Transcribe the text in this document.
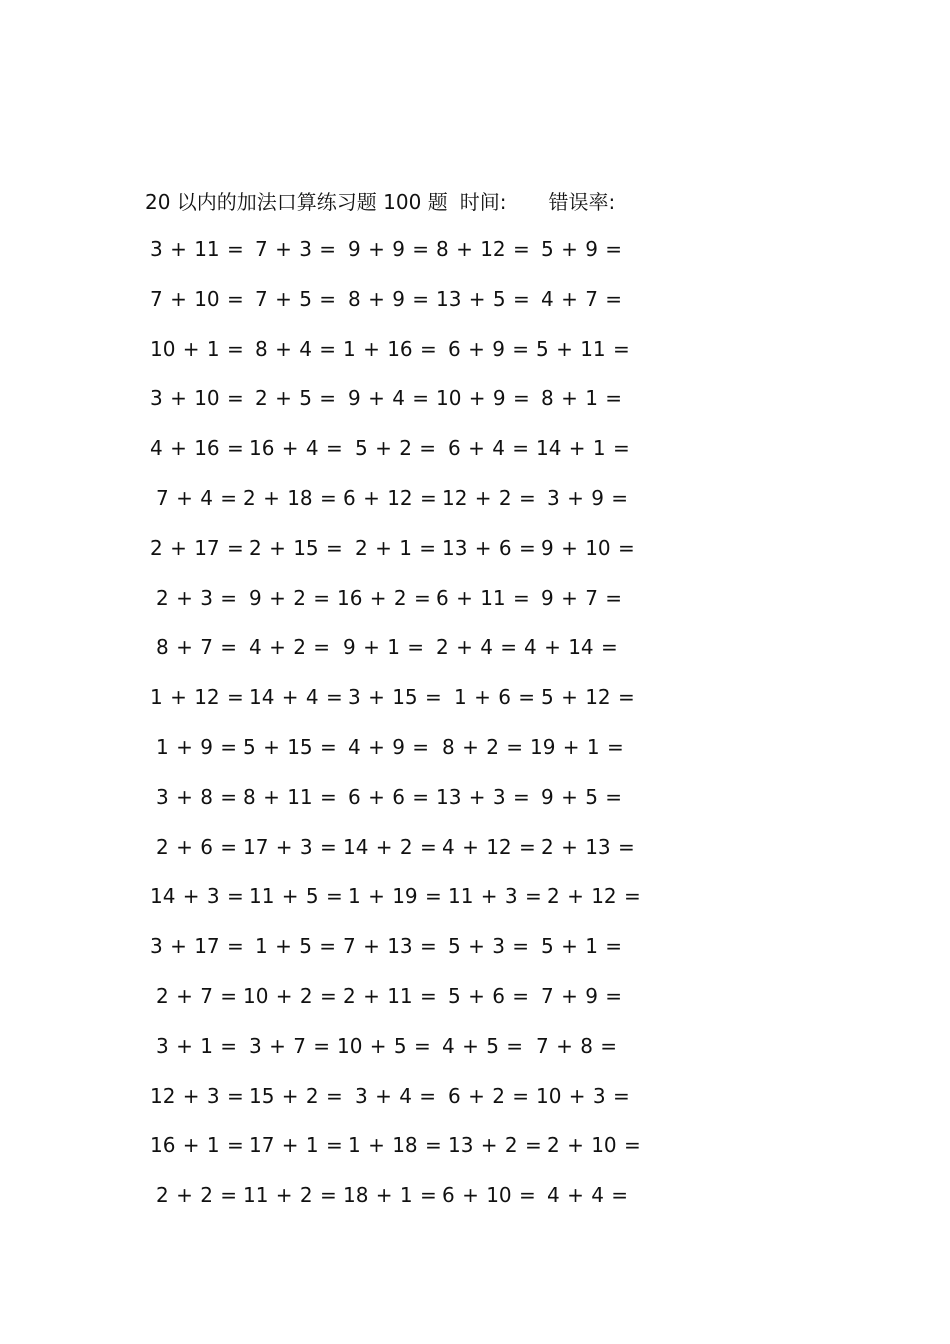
20 以内的加法口算练习题 100 题 时间: 错误率:
3 + 11 = 7 + 3 = 9 + 9 = 8 + 12 = 5 + 9 =
7 + 10 = 7 + 5 = 8 + 9 = 13 + 5 = 4 + 7 =
10 + 1 = 8 + 4 = 1 + 16 = 6 + 9 = 5 + 11 =
3 + 10 = 2 + 5 = 9 + 4 = 10 + 9 = 8 + 1 =
4 + 16 = 16 + 4 = 5 + 2 = 6 + 4 = 14 + 1 =
7 + 4 = 2 + 18 = 6 + 12 = 12 + 2 = 3 + 9 =
2 + 17 = 2 + 15 = 2 + 1 = 13 + 6 = 9 + 10 =
2 + 3 = 9 + 2 = 16 + 2 = 6 + 11 = 9 + 7 =
8 + 7 = 4 + 2 = 9 + 1 = 2 + 4 = 4 + 14 =
1 + 12 = 14 + 4 = 3 + 15 = 1 + 6 = 5 + 12 =
1 + 9 = 5 + 15 = 4 + 9 = 8 + 2 = 19 + 1 =
3 + 8 = 8 + 11 = 6 + 6 = 13 + 3 = 9 + 5 =
2 + 6 = 17 + 3 = 14 + 2 = 4 + 12 = 2 + 13 =
14 + 3 = 11 + 5 = 1 + 19 = 11 + 3 = 2 + 12 =
3 + 17 = 1 + 5 = 7 + 13 = 5 + 3 = 5 + 1 =
2 + 7 = 10 + 2 = 2 + 11 = 5 + 6 = 7 + 9 =
3 + 1 = 3 + 7 = 10 + 5 = 4 + 5 = 7 + 8 =
12 + 3 = 15 + 2 = 3 + 4 = 6 + 2 = 10 + 3 =
16 + 1 = 17 + 1 = 1 + 18 = 13 + 2 = 2 + 10 =
2 + 2 = 11 + 2 = 18 + 1 = 6 + 10 = 4 + 4 =
